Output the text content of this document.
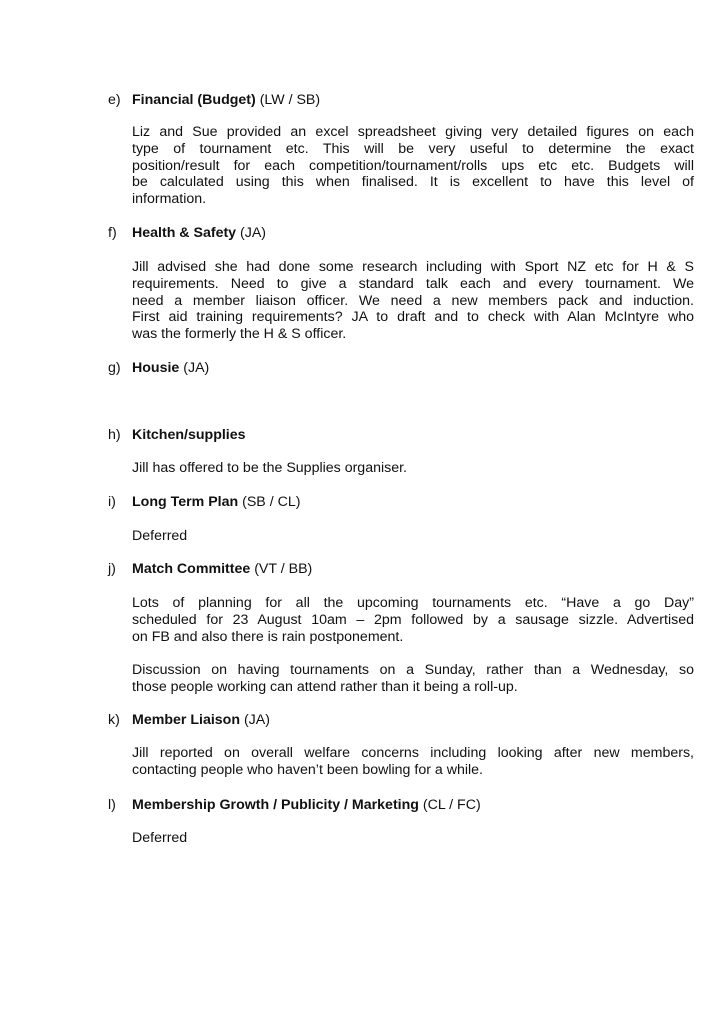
e) Financial (Budget) (LW / SB)
Liz and Sue provided an excel spreadsheet giving very detailed figures on each
type of tournament etc. This will be very useful to determine the exact
position/result for each competition/tournament/rolls ups etc etc. Budgets will
be calculated using this when finalised. It is excellent to have this level of
information.
f) Health & Safety (JA)
Jill advised she had done some research including with Sport NZ etc for H & S
requirements. Need to give a standard talk each and every tournament. We
need a member liaison officer. We need a new members pack and induction.
First aid training requirements? JA to draft and to check with Alan McIntyre who
was the formerly the H & S officer.
g) Housie (JA)
h) Kitchen/supplies
Jill has offered to be the Supplies organiser.
i) Long Term Plan (SB / CL)
Deferred
j) Match Committee (VT / BB)
Lots of planning for all the upcoming tournaments etc. “Have a go Day”
scheduled for 23 August 10am – 2pm followed by a sausage sizzle. Advertised
on FB and also there is rain postponement.
Discussion on having tournaments on a Sunday, rather than a Wednesday, so
those people working can attend rather than it being a roll-up.
k) Member Liaison (JA)
Jill reported on overall welfare concerns including looking after new members,
contacting people who haven’t been bowling for a while.
l) Membership Growth / Publicity / Marketing (CL / FC)
Deferred
